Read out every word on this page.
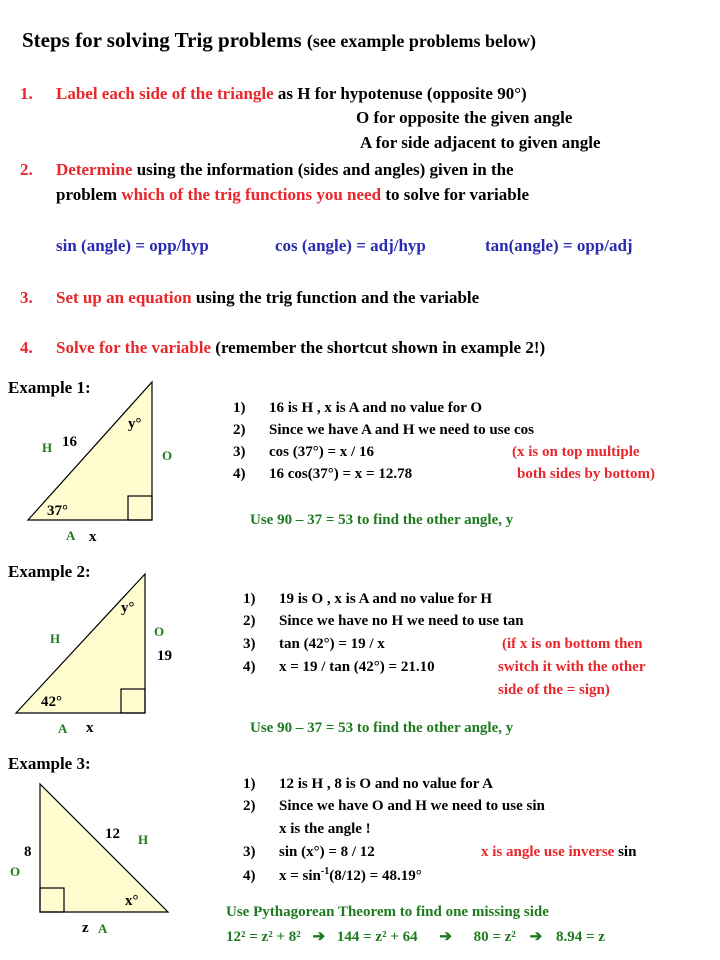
Steps for solving Trig problems (see example problems below)
1. Label each side of the triangle as H for hypotenuse (opposite 90°)
O for opposite the given angle
A for side adjacent to given angle
2. Determine using the information (sides and angles) given in the
problem which of the trig functions you need to solve for variable
sin (angle) = opp/hyp	cos (angle) = adj/hyp	tan(angle) = opp/adj
3. Set up an equation using the trig function and the variable
4. Solve for the variable (remember the shortcut shown in example 2!)
Example 1:
y°
16
H
O
37°
A x
1) 16 is H , x is A and no value for O
2) Since we have A and H we need to use cos
3) cos (37°) = x / 16
4) 16 cos(37°) = x = 12.78
(x is on top multiple
both sides by bottom)
Use 90 – 37 = 53 to find the other angle, y
Example 2:
y°
O
H
19
42°
A x
1) 19 is O , x is A and no value for H
2) Since we have no H we need to use tan
3) tan (42°) = 19 / x
4) x = 19 / tan (42°) = 21.10
(if x is on bottom then
switch it with the other
side of the = sign)
Use 90 – 37 = 53 to find the other angle, y
Example 3:
12 H
8
O
x°
z A
1) 12 is H , 8 is O and no value for A
2) Since we have O and H we need to use sin
x is the angle !
3) sin (x°) = 8 / 12
4) $x = \sin^{-1}(8/12) = 48.19^\circ$
x is angle use inverse sin
Use Pythagorean Theorem to find one missing side
12² = z² + 8² ➔ 144 = z² + 64 ➔ 80 = z² ➔ 8.94 = z
